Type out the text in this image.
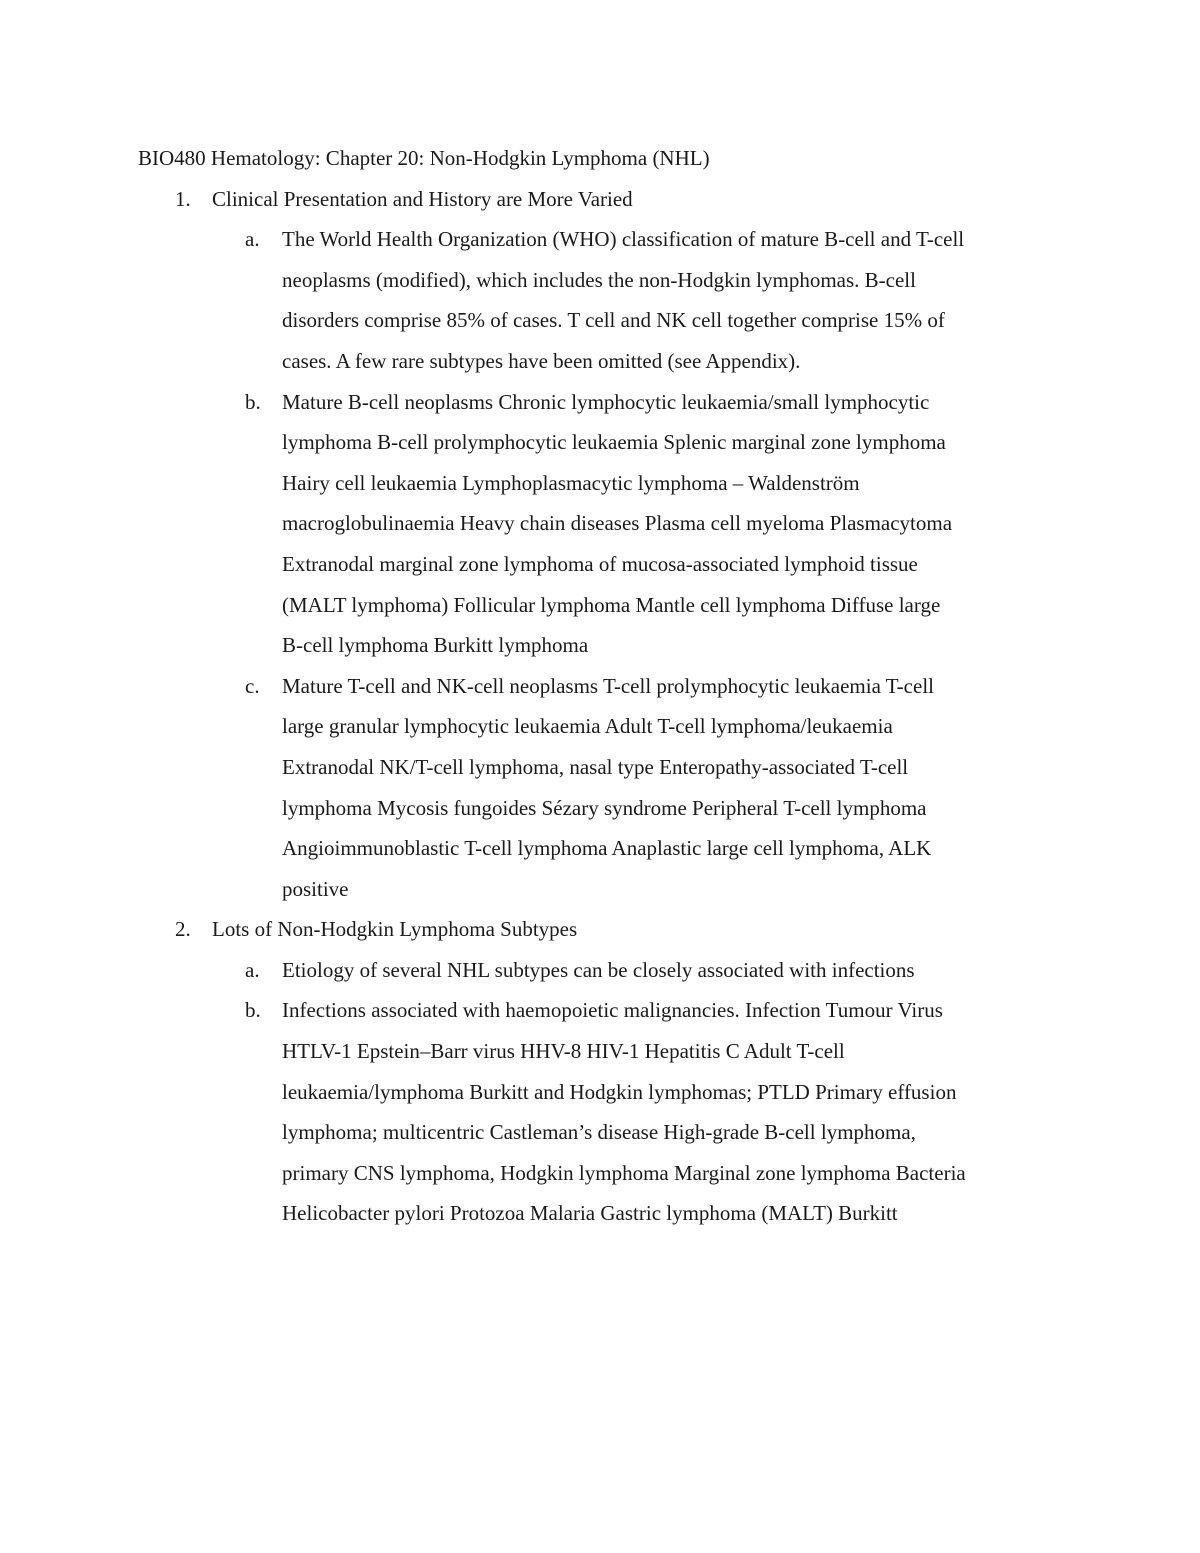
BIO480 Hematology: Chapter 20: Non-Hodgkin Lymphoma (NHL)
1. Clinical Presentation and History are More Varied
a. The World Health Organization (WHO) classification of mature B-cell and T-cell
neoplasms (modified), which includes the non-Hodgkin lymphomas. B-cell
disorders comprise 85% of cases. T cell and NK cell together comprise 15% of
cases. A few rare subtypes have been omitted (see Appendix).
b. Mature B-cell neoplasms Chronic lymphocytic leukaemia/small lymphocytic
lymphoma B-cell prolymphocytic leukaemia Splenic marginal zone lymphoma
Hairy cell leukaemia Lymphoplasmacytic lymphoma – Waldenström
macroglobulinaemia Heavy chain diseases Plasma cell myeloma Plasmacytoma
Extranodal marginal zone lymphoma of mucosa-associated lymphoid tissue
(MALT lymphoma) Follicular lymphoma Mantle cell lymphoma Diffuse large
B-cell lymphoma Burkitt lymphoma
c. Mature T-cell and NK-cell neoplasms T-cell prolymphocytic leukaemia T-cell
large granular lymphocytic leukaemia Adult T-cell lymphoma/leukaemia
Extranodal NK/T-cell lymphoma, nasal type Enteropathy-associated T-cell
lymphoma Mycosis fungoides Sézary syndrome Peripheral T-cell lymphoma
Angioimmunoblastic T-cell lymphoma Anaplastic large cell lymphoma, ALK
positive
2. Lots of Non-Hodgkin Lymphoma Subtypes
a. Etiology of several NHL subtypes can be closely associated with infections
b. Infections associated with haemopoietic malignancies. Infection Tumour Virus
HTLV-1 Epstein–Barr virus HHV-8 HIV-1 Hepatitis C Adult T-cell
leukaemia/lymphoma Burkitt and Hodgkin lymphomas; PTLD Primary effusion
lymphoma; multicentric Castleman’s disease High-grade B-cell lymphoma,
primary CNS lymphoma, Hodgkin lymphoma Marginal zone lymphoma Bacteria
Helicobacter pylori Protozoa Malaria Gastric lymphoma (MALT) Burkitt
